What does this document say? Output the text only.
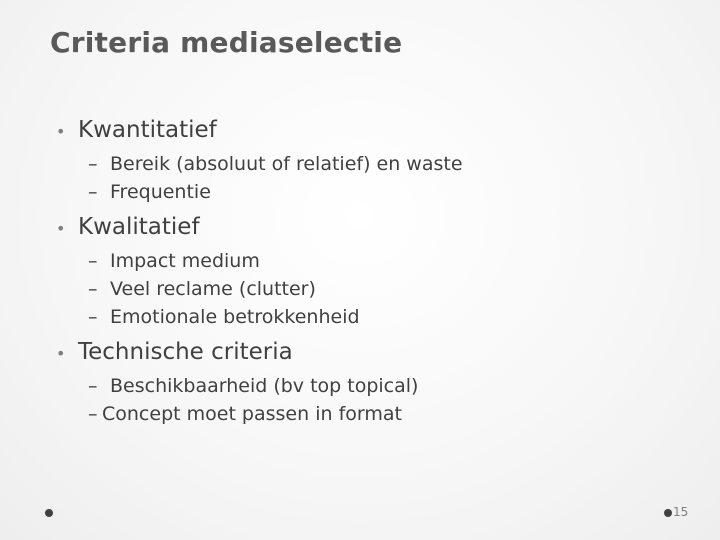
Criteria mediaselectie
• Kwantitatief
– Bereik (absoluut of relatief) en waste
– Frequentie
• Kwalitatief
– Impact medium
– Veel reclame (clutter)
– Emotionale betrokkenheid
• Technische criteria
– Beschikbaarheid (bv top topical)
– Concept moet passen in format
15
